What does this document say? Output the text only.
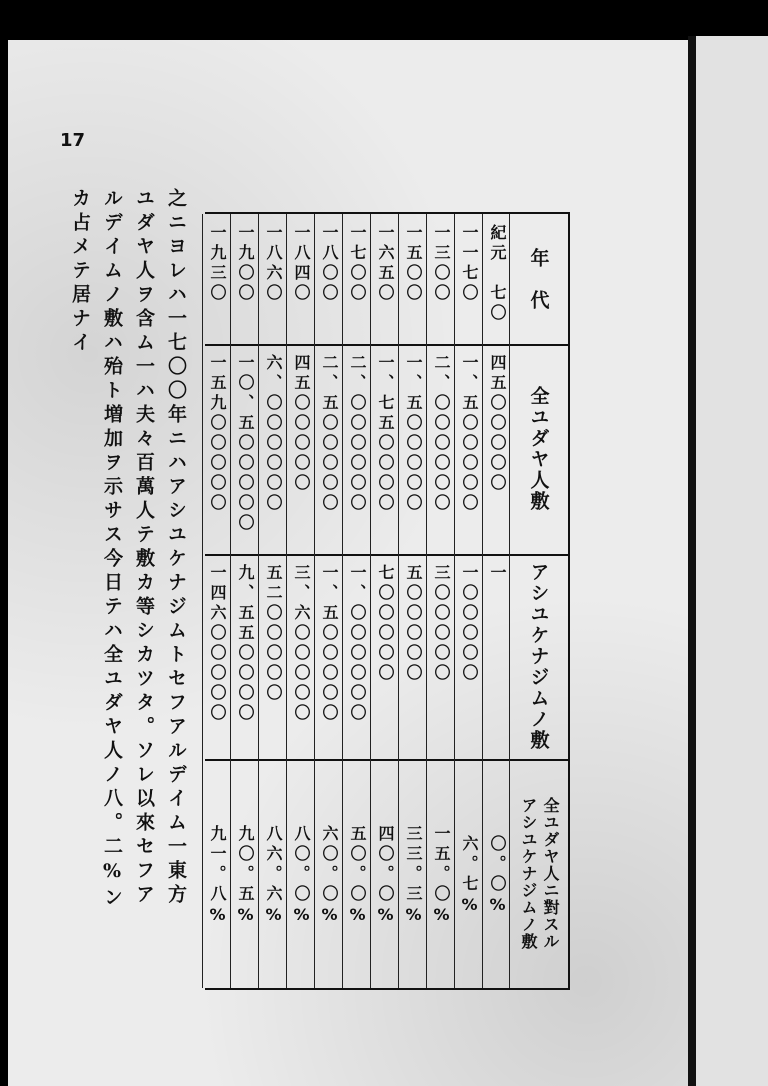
17
之ニヨレハ一七〇〇年ニハアシユケナジムトセフアルデイム一東方
ユダヤ人ヲ含ム一ハ夫々百萬人テ敷カ等シカツタ。ソレ以來セフア
ルデイムノ敷ハ殆ト増加ヲ示サス今日テハ全ユダヤ人ノ八。二%ン
カ占メテ居ナイ	年　代
全ユダヤ人敷
アシユケナジムノ敷
全ユダヤ人ニ對スル
アシユケナジムノ敷
紀元　七〇
四五〇〇〇〇〇
一
〇。〇%
一一七〇
一、五〇〇〇〇〇
一〇〇〇〇〇
六。七%
一三〇〇
二、〇〇〇〇〇〇
三〇〇〇〇〇
一五。〇%
一五〇〇
一、五〇〇〇〇〇
五〇〇〇〇〇
三三。三%
一六五〇
一、七五〇〇〇〇
七〇〇〇〇〇
四〇。〇%
一七〇〇
二、〇〇〇〇〇〇
一、〇〇〇〇〇〇
五〇。〇%
一八〇〇
二、五〇〇〇〇〇
一、五〇〇〇〇〇
六〇。〇%
一八四〇
四五〇〇〇〇〇
三、六〇〇〇〇〇
八〇。〇%
一八六〇
六、〇〇〇〇〇〇
五二〇〇〇〇〇
八六。六%
一九〇〇
一〇、五〇〇〇〇〇
九、五五〇〇〇〇
九〇。五%
一九三〇
一五九〇〇〇〇〇
一四六〇〇〇〇〇
九一。八%
